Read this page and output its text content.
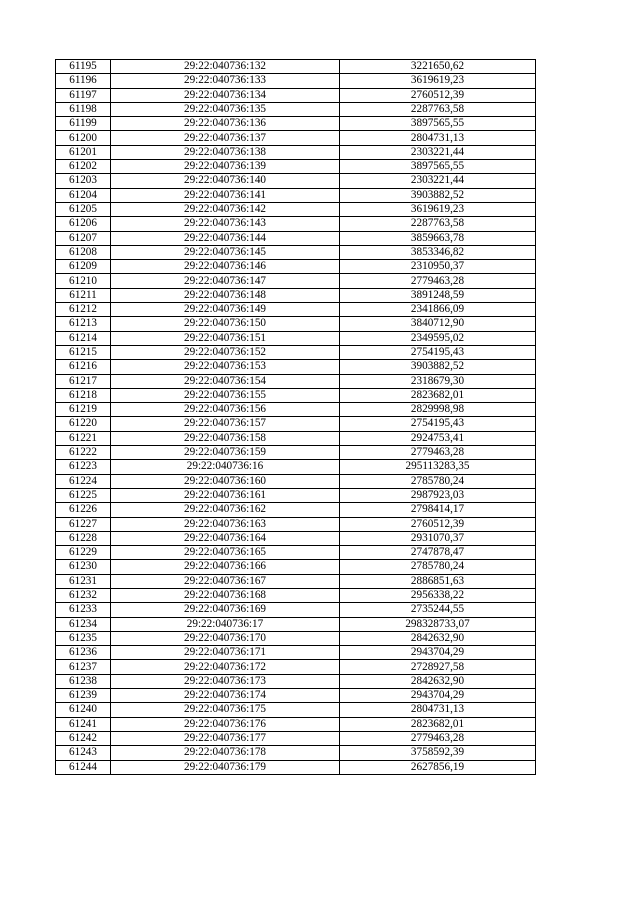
61195	29:22:040736:132	3221650,62
61196	29:22:040736:133	3619619,23
61197	29:22:040736:134	2760512,39
61198	29:22:040736:135	2287763,58
61199	29:22:040736:136	3897565,55
61200	29:22:040736:137	2804731,13
61201	29:22:040736:138	2303221,44
61202	29:22:040736:139	3897565,55
61203	29:22:040736:140	2303221,44
61204	29:22:040736:141	3903882,52
61205	29:22:040736:142	3619619,23
61206	29:22:040736:143	2287763,58
61207	29:22:040736:144	3859663,78
61208	29:22:040736:145	3853346,82
61209	29:22:040736:146	2310950,37
61210	29:22:040736:147	2779463,28
61211	29:22:040736:148	3891248,59
61212	29:22:040736:149	2341866,09
61213	29:22:040736:150	3840712,90
61214	29:22:040736:151	2349595,02
61215	29:22:040736:152	2754195,43
61216	29:22:040736:153	3903882,52
61217	29:22:040736:154	2318679,30
61218	29:22:040736:155	2823682,01
61219	29:22:040736:156	2829998,98
61220	29:22:040736:157	2754195,43
61221	29:22:040736:158	2924753,41
61222	29:22:040736:159	2779463,28
61223	29:22:040736:16	295113283,35
61224	29:22:040736:160	2785780,24
61225	29:22:040736:161	2987923,03
61226	29:22:040736:162	2798414,17
61227	29:22:040736:163	2760512,39
61228	29:22:040736:164	2931070,37
61229	29:22:040736:165	2747878,47
61230	29:22:040736:166	2785780,24
61231	29:22:040736:167	2886851,63
61232	29:22:040736:168	2956338,22
61233	29:22:040736:169	2735244,55
61234	29:22:040736:17	298328733,07
61235	29:22:040736:170	2842632,90
61236	29:22:040736:171	2943704,29
61237	29:22:040736:172	2728927,58
61238	29:22:040736:173	2842632,90
61239	29:22:040736:174	2943704,29
61240	29:22:040736:175	2804731,13
61241	29:22:040736:176	2823682,01
61242	29:22:040736:177	2779463,28
61243	29:22:040736:178	3758592,39
61244	29:22:040736:179	2627856,19
